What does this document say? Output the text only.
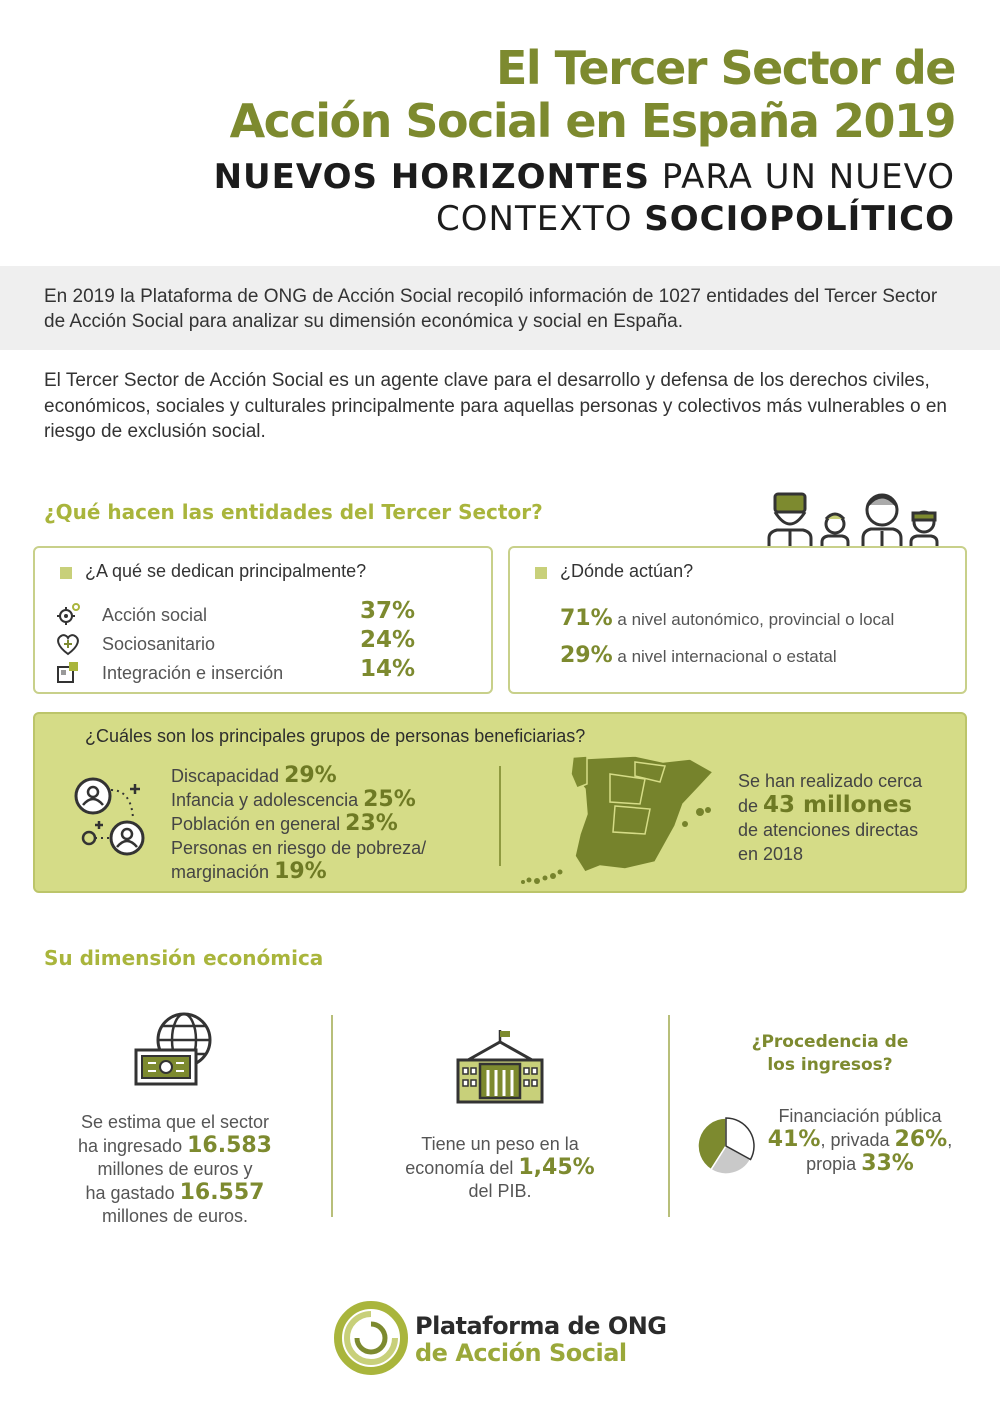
El Tercer Sector de
Acción Social en España 2019
NUEVOS HORIZONTES PARA UN NUEVO
CONTEXTO SOCIOPOLÍTICO

En 2019 la Plataforma de ONG de Acción Social recopiló información de 1027 entidades del Tercer Sector de Acción Social para analizar su dimensión económica y social en España.

El Tercer Sector de Acción Social es un agente clave para el desarrollo y defensa de los derechos civiles, económicos, sociales y culturales principalmente para aquellas personas y colectivos más vulnerables o en riesgo de exclusión social.

¿Qué hacen las entidades del Tercer Sector?
¿A qué se dedican principalmente?
Acción social	37%
Sociosanitario	24%
Integración e inserción	14%
¿Dónde actúan?
71% a nivel autonómico, provincial o local
29% a nivel internacional o estatal
¿Cuáles son los principales grupos de personas beneficiarias?
Discapacidad 29%
Infancia y adolescencia 25%
Población en general 23%
Personas en riesgo de pobreza/
marginación 19%
Se han realizado cerca
de 43 millones
de atenciones directas
en 2018
Su dimensión económica
Se estima que el sector
ha ingresado 16.583
millones de euros y
ha gastado 16.557
millones de euros.
Tiene un peso en la
economía del 1,45%
del PIB.
¿Procedencia de
los ingresos?
Financiación pública
41%, privada 26%,
propia 33%
Plataforma de ONG
de Acción Social
